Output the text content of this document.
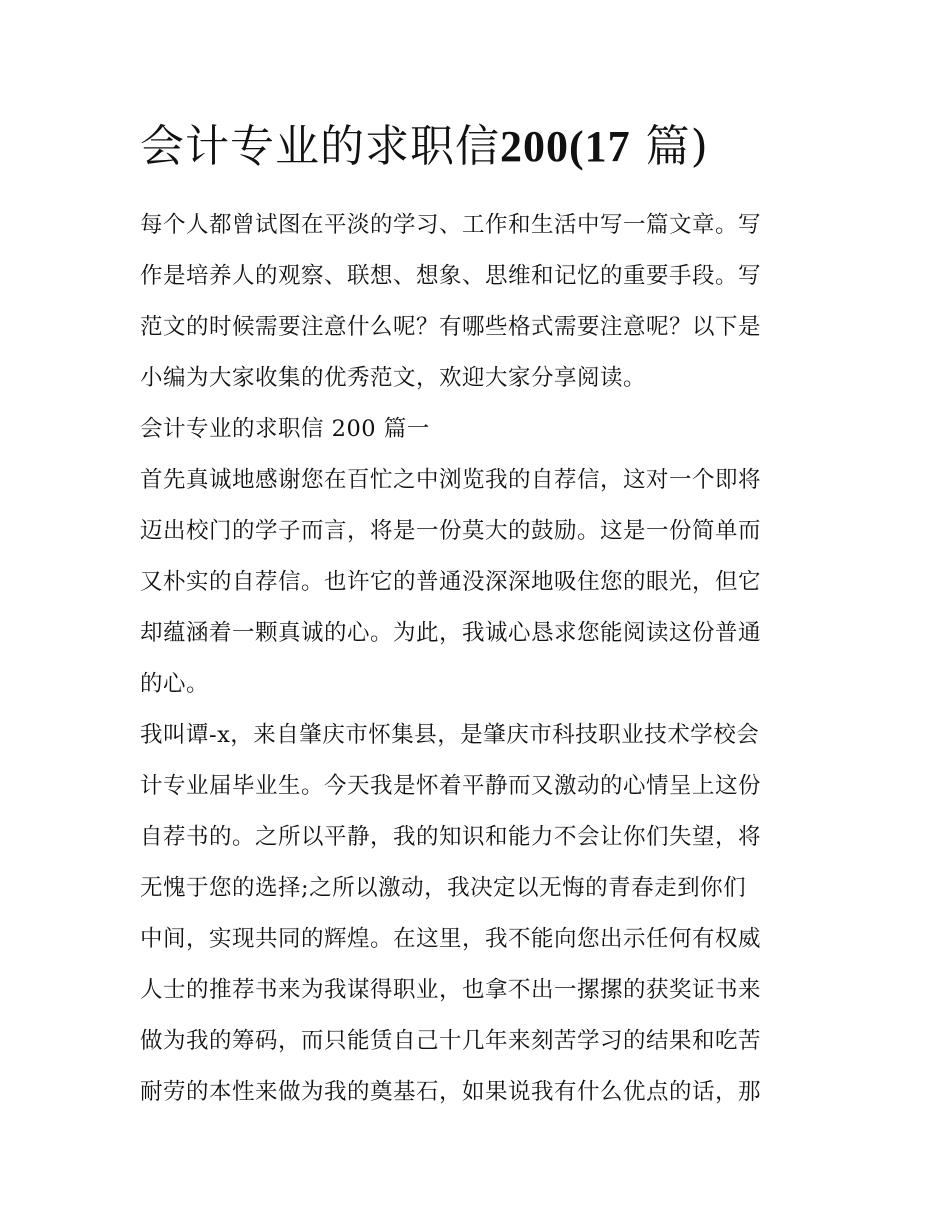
会计专业的求职信200(17 篇)
每个人都曾试图在平淡的学习、工作和生活中写一篇文章。写
作是培养人的观察、联想、想象、思维和记忆的重要手段。写
范文的时候需要注意什么呢？有哪些格式需要注意呢？以下是
小编为大家收集的优秀范文，欢迎大家分享阅读。
会计专业的求职信 200 篇一
首先真诚地感谢您在百忙之中浏览我的自荐信，这对一个即将
迈出校门的学子而言，将是一份莫大的鼓励。这是一份简单而
又朴实的自荐信。也许它的普通没深深地吸住您的眼光，但它
却蕴涵着一颗真诚的心。为此，我诚心恳求您能阅读这份普通
的心。
我叫谭-x，来自肇庆市怀集县，是肇庆市科技职业技术学校会
计专业届毕业生。今天我是怀着平静而又激动的心情呈上这份
自荐书的。之所以平静，我的知识和能力不会让你们失望，将
无愧于您的选择;之所以激动，我决定以无悔的青春走到你们
中间，实现共同的辉煌。在这里，我不能向您出示任何有权威
人士的推荐书来为我谋得职业，也拿不出一摞摞的获奖证书来
做为我的筹码，而只能赁自己十几年来刻苦学习的结果和吃苦
耐劳的本性来做为我的奠基石，如果说我有什么优点的话，那
